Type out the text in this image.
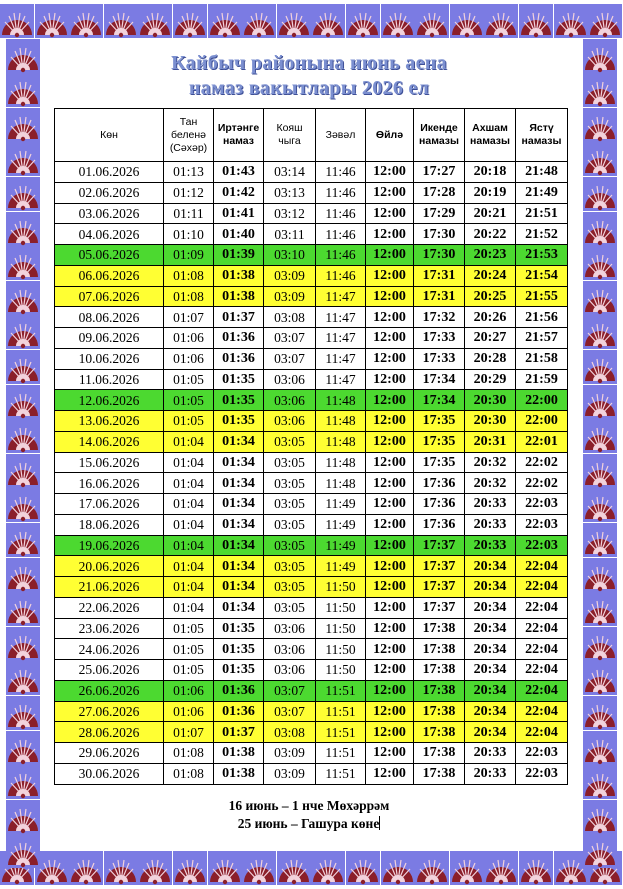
Кайбыч районына июнь аена
намаз вакытлары 2026 ел
Көн	Тан
беленә
(Сәхәр)	Иртәнге
намаз	Кояш
чыга	Зәвәл	Өйлә	Икенде
намазы	Ахшам
намазы	Ястү
намазы
01.06.2026	01:13	01:43	03:14	11:46	12:00	17:27	20:18	21:48
02.06.2026	01:12	01:42	03:13	11:46	12:00	17:28	20:19	21:49
03.06.2026	01:11	01:41	03:12	11:46	12:00	17:29	20:21	21:51
04.06.2026	01:10	01:40	03:11	11:46	12:00	17:30	20:22	21:52
05.06.2026	01:09	01:39	03:10	11:46	12:00	17:30	20:23	21:53
06.06.2026	01:08	01:38	03:09	11:46	12:00	17:31	20:24	21:54
07.06.2026	01:08	01:38	03:09	11:47	12:00	17:31	20:25	21:55
08.06.2026	01:07	01:37	03:08	11:47	12:00	17:32	20:26	21:56
09.06.2026	01:06	01:36	03:07	11:47	12:00	17:33	20:27	21:57
10.06.2026	01:06	01:36	03:07	11:47	12:00	17:33	20:28	21:58
11.06.2026	01:05	01:35	03:06	11:47	12:00	17:34	20:29	21:59
12.06.2026	01:05	01:35	03:06	11:48	12:00	17:34	20:30	22:00
13.06.2026	01:05	01:35	03:06	11:48	12:00	17:35	20:30	22:00
14.06.2026	01:04	01:34	03:05	11:48	12:00	17:35	20:31	22:01
15.06.2026	01:04	01:34	03:05	11:48	12:00	17:35	20:32	22:02
16.06.2026	01:04	01:34	03:05	11:48	12:00	17:36	20:32	22:02
17.06.2026	01:04	01:34	03:05	11:49	12:00	17:36	20:33	22:03
18.06.2026	01:04	01:34	03:05	11:49	12:00	17:36	20:33	22:03
19.06.2026	01:04	01:34	03:05	11:49	12:00	17:37	20:33	22:03
20.06.2026	01:04	01:34	03:05	11:49	12:00	17:37	20:34	22:04
21.06.2026	01:04	01:34	03:05	11:50	12:00	17:37	20:34	22:04
22.06.2026	01:04	01:34	03:05	11:50	12:00	17:37	20:34	22:04
23.06.2026	01:05	01:35	03:06	11:50	12:00	17:38	20:34	22:04
24.06.2026	01:05	01:35	03:06	11:50	12:00	17:38	20:34	22:04
25.06.2026	01:05	01:35	03:06	11:50	12:00	17:38	20:34	22:04
26.06.2026	01:06	01:36	03:07	11:51	12:00	17:38	20:34	22:04
27.06.2026	01:06	01:36	03:07	11:51	12:00	17:38	20:34	22:04
28.06.2026	01:07	01:37	03:08	11:51	12:00	17:38	20:34	22:04
29.06.2026	01:08	01:38	03:09	11:51	12:00	17:38	20:33	22:03
30.06.2026	01:08	01:38	03:09	11:51	12:00	17:38	20:33	22:03
16 июнь – 1 нче Мөхәррәм
25 июнь – Гашура көне
